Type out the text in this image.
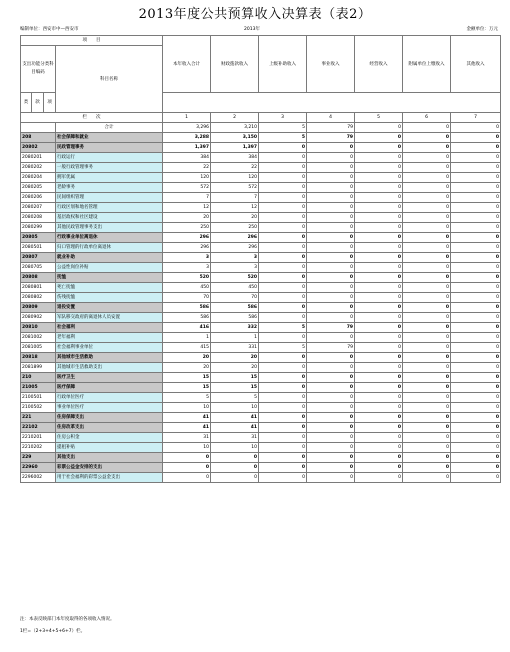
2013年度公共预算收入决算表（表2）
编制单位：西安市中—西安市	2013年	金额单位：万元
项　　目				本年收入合计	财政拨款收入	上级补助收入	事业收入	经营收入	附属单位上缴收入	其他收入
支出功能分类科目编码			科目名称							
类	款	项								
栏　　次				1	2	3	4	5	6	7
			合计	3,296	3,210	5	79	0	0	0
208			社会保障和就业	3,288	3,150	5	79	0	0	0
20802			民政管理事务	1,397	1,397	0	0	0	0	0
2080201			行政运行	384	384	0	0	0	0	0
2080202			一般行政管理事务	22	22	0	0	0	0	0
2080204			拥军优属	120	120	0	0	0	0	0
2080205			老龄事务	572	572	0	0	0	0	0
2080206			民间组织管理	7	7	0	0	0	0	0
2080207			行政区划和地名管理	12	12	0	0	0	0	0
2080208			基层政权和社区建设	20	20	0	0	0	0	0
2080299			其他民政管理事务支出	250	250	0	0	0	0	0
20805			行政事业单位离退休	296	296	0	0	0	0	0
2080501			归口管理的行政单位离退休	296	296	0	0	0	0	0
20807			就业补助	3	3	0	0	0	0	0
2080705			公益性岗位补贴	3	3	0	0	0	0	0
20808			抚恤	520	520	0	0	0	0	0
2080801			死亡抚恤	450	450	0	0	0	0	0
2080802			伤残抚恤	70	70	0	0	0	0	0
20809			退役安置	586	586	0	0	0	0	0
2080902			军队移交政府的离退休人员安置	586	586	0	0	0	0	0
20810			社会福利	416	332	5	79	0	0	0
2081002			老年福利	1	1	0	0	0	0	0
2081005			社会福利事业单位	415	331	5	79	0	0	0
20818			其他城市生活救助	20	20	0	0	0	0	0
2081899			其他城市生活救助支出	20	20	0	0	0	0	0
210			医疗卫生	15	15	0	0	0	0	0
21005			医疗保障	15	15	0	0	0	0	0
2100501			行政单位医疗	5	5	0	0	0	0	0
2100502			事业单位医疗	10	10	0	0	0	0	0
221			住房保障支出	41	41	0	0	0	0	0
22102			住房改革支出	41	41	0	0	0	0	0
2210201			住房公积金	31	31	0	0	0	0	0
2210202			提租补贴	10	10	0	0	0	0	0
229			其他支出	0	0	0	0	0	0	0
22960			彩票公益金安排的支出	0	0	0	0	0	0	0
2296002			用于社会福利的彩票公益金支出	0	0	0	0	0	0	0
注：本表反映部门本年度取得的各项收入情况。
1栏=（2+3+4+5+6+7）栏。
